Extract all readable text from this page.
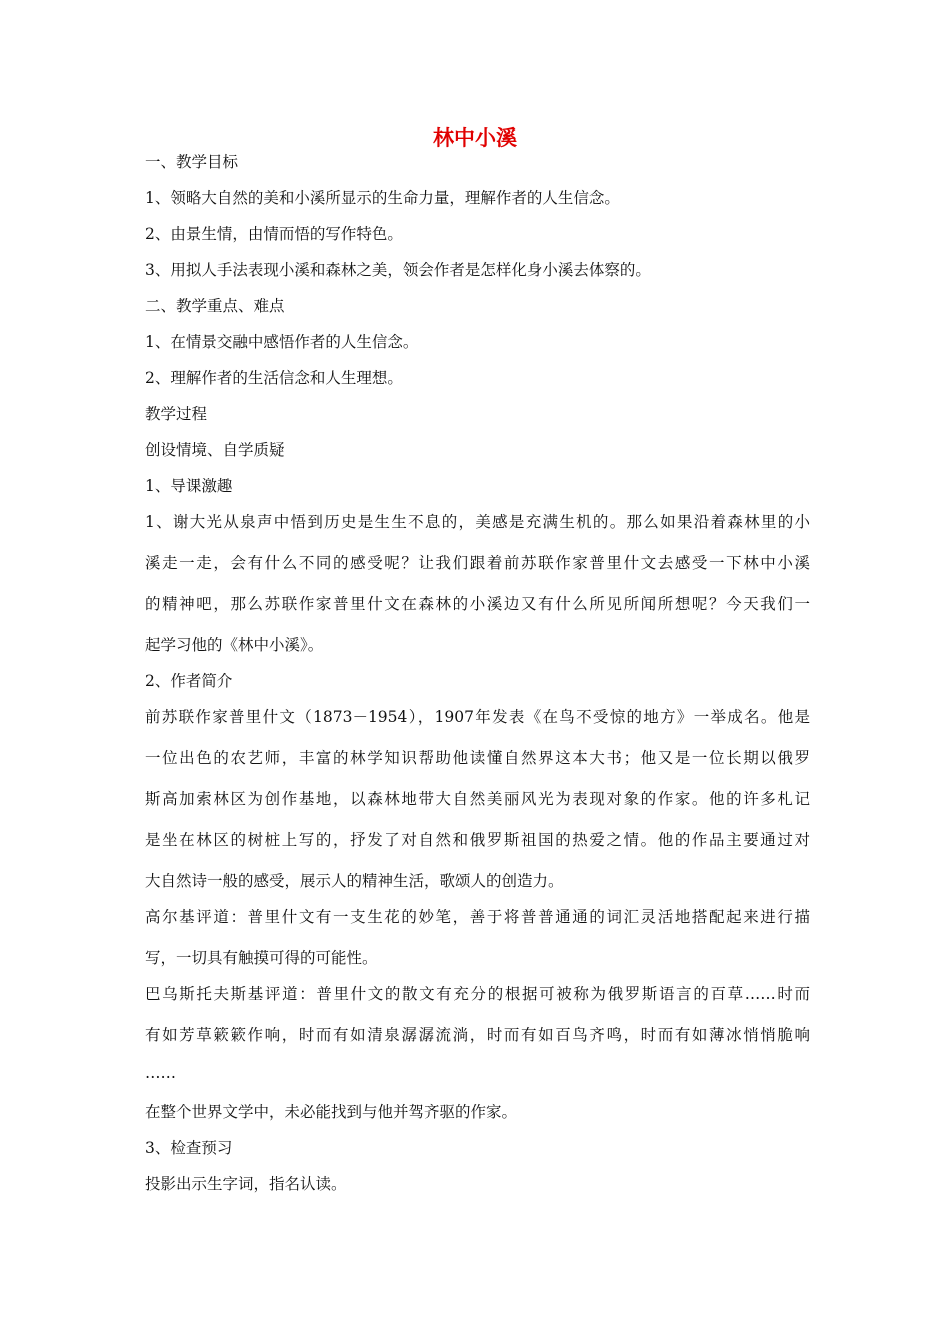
林中小溪
一、教学目标
1、领略大自然的美和小溪所显示的生命力量，理解作者的人生信念。
2、由景生情，由情而悟的写作特色。
3、用拟人手法表现小溪和森林之美，领会作者是怎样化身小溪去体察的。
二、教学重点、难点
1、在情景交融中感悟作者的人生信念。
2、理解作者的生活信念和人生理想。
教学过程
创设情境、自学质疑
1、导课激趣
1、谢大光从泉声中悟到历史是生生不息的，美感是充满生机的。那么如果沿着森林里的小
溪走一走，会有什么不同的感受呢？让我们跟着前苏联作家普里什文去感受一下林中小溪
的精神吧，那么苏联作家普里什文在森林的小溪边又有什么所见所闻所想呢？今天我们一
起学习他的《林中小溪》。
2、作者简介
前苏联作家普里什文（1873－1954），1907年发表《在鸟不受惊的地方》一举成名。他是
一位出色的农艺师，丰富的林学知识帮助他读懂自然界这本大书；他又是一位长期以俄罗
斯高加索林区为创作基地，以森林地带大自然美丽风光为表现对象的作家。他的许多札记
是坐在林区的树桩上写的，抒发了对自然和俄罗斯祖国的热爱之情。他的作品主要通过对
大自然诗一般的感受，展示人的精神生活，歌颂人的创造力。
高尔基评道：普里什文有一支生花的妙笔，善于将普普通通的词汇灵活地搭配起来进行描
写，一切具有触摸可得的可能性。
巴乌斯托夫斯基评道：普里什文的散文有充分的根据可被称为俄罗斯语言的百草……时而
有如芳草簌簌作响，时而有如清泉潺潺流淌，时而有如百鸟齐鸣，时而有如薄冰悄悄脆响
……
在整个世界文学中，未必能找到与他并驾齐驱的作家。
3、检查预习
投影出示生字词，指名认读。
